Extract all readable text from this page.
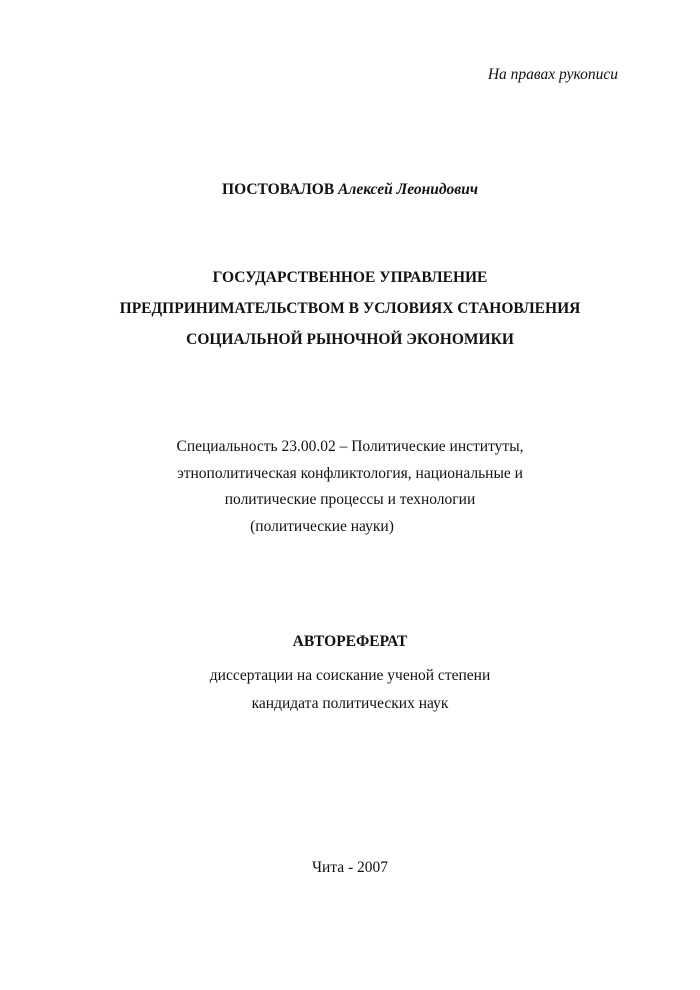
На правах рукописи
ПОСТОВАЛОВ Алексей Леонидович
ГОСУДАРСТВЕННОЕ УПРАВЛЕНИЕ
ПРЕДПРИНИМАТЕЛЬСТВОМ В УСЛОВИЯХ СТАНОВЛЕНИЯ
СОЦИАЛЬНОЙ РЫНОЧНОЙ ЭКОНОМИКИ
Специальность 23.00.02 – Политические институты,
этнополитическая конфликтология, национальные и
политические процессы и технологии
(политические науки)
АВТОРЕФЕРАТ
диссертации на соискание ученой степени
кандидата политических наук
Чита - 2007
